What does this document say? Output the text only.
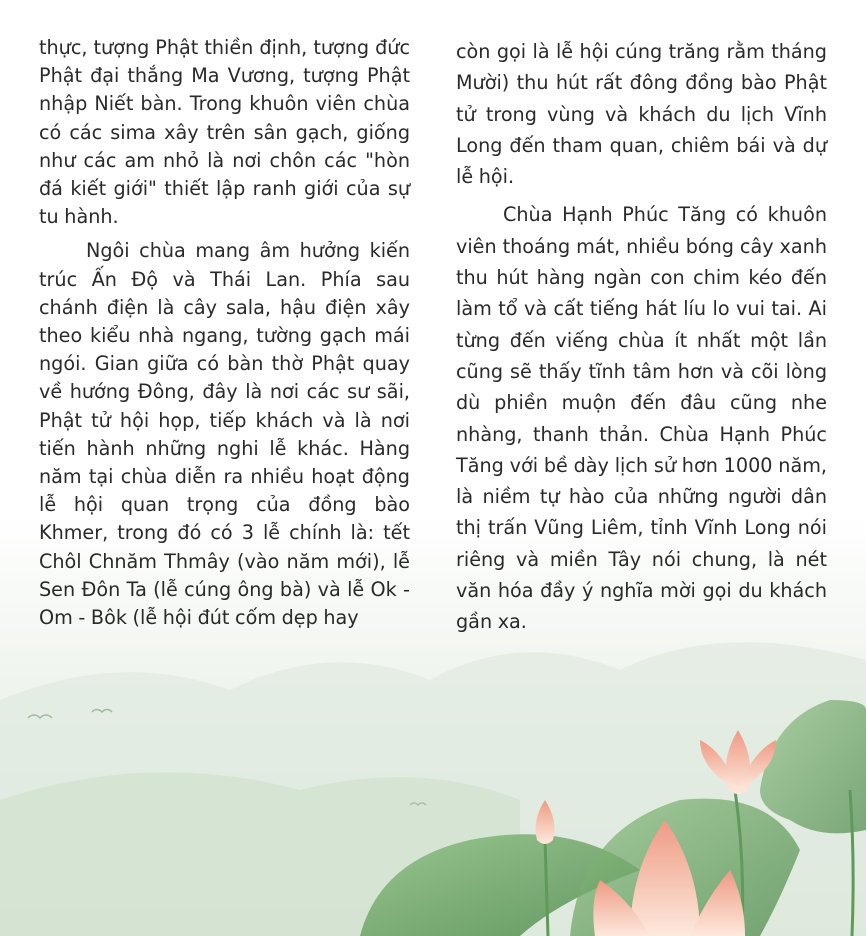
thực, tượng Phật thiền định, tượng đức Phật đại thắng Ma Vương, tượng Phật nhập Niết bàn. Trong khuôn viên chùa có các sima xây trên sân gạch, giống như các am nhỏ là nơi chôn các "hòn đá kiết giới" thiết lập ranh giới của sự tu hành.

Ngôi chùa mang âm hưởng kiến trúc Ấn Độ và Thái Lan. Phía sau chánh điện là cây sala, hậu điện xây theo kiểu nhà ngang, tường gạch mái ngói. Gian giữa có bàn thờ Phật quay về hướng Đông, đây là nơi các sư sãi, Phật tử hội họp, tiếp khách và là nơi tiến hành những nghi lễ khác. Hàng năm tại chùa diễn ra nhiều hoạt động lễ hội quan trọng của đồng bào Khmer, trong đó có 3 lễ chính là: tết Chôl Chnăm Thmây (vào năm mới), lễ Sen Đôn Ta (lễ cúng ông bà) và lễ Ok - Om - Bôk (lễ hội đút cốm dẹp hay

còn gọi là lễ hội cúng trăng rằm tháng Mười) thu hút rất đông đồng bào Phật tử trong vùng và khách du lịch Vĩnh Long đến tham quan, chiêm bái và dự lễ hội.

Chùa Hạnh Phúc Tăng có khuôn viên thoáng mát, nhiều bóng cây xanh thu hút hàng ngàn con chim kéo đến làm tổ và cất tiếng hát líu lo vui tai. Ai từng đến viếng chùa ít nhất một lần cũng sẽ thấy tĩnh tâm hơn và cõi lòng dù phiền muộn đến đâu cũng nhe nhàng, thanh thản. Chùa Hạnh Phúc Tăng với bề dày lịch sử hơn 1000 năm, là niềm tự hào của những người dân thị trấn Vũng Liêm, tỉnh Vĩnh Long nói riêng và miền Tây nói chung, là nét văn hóa đầy ý nghĩa mời gọi du khách gần xa.
